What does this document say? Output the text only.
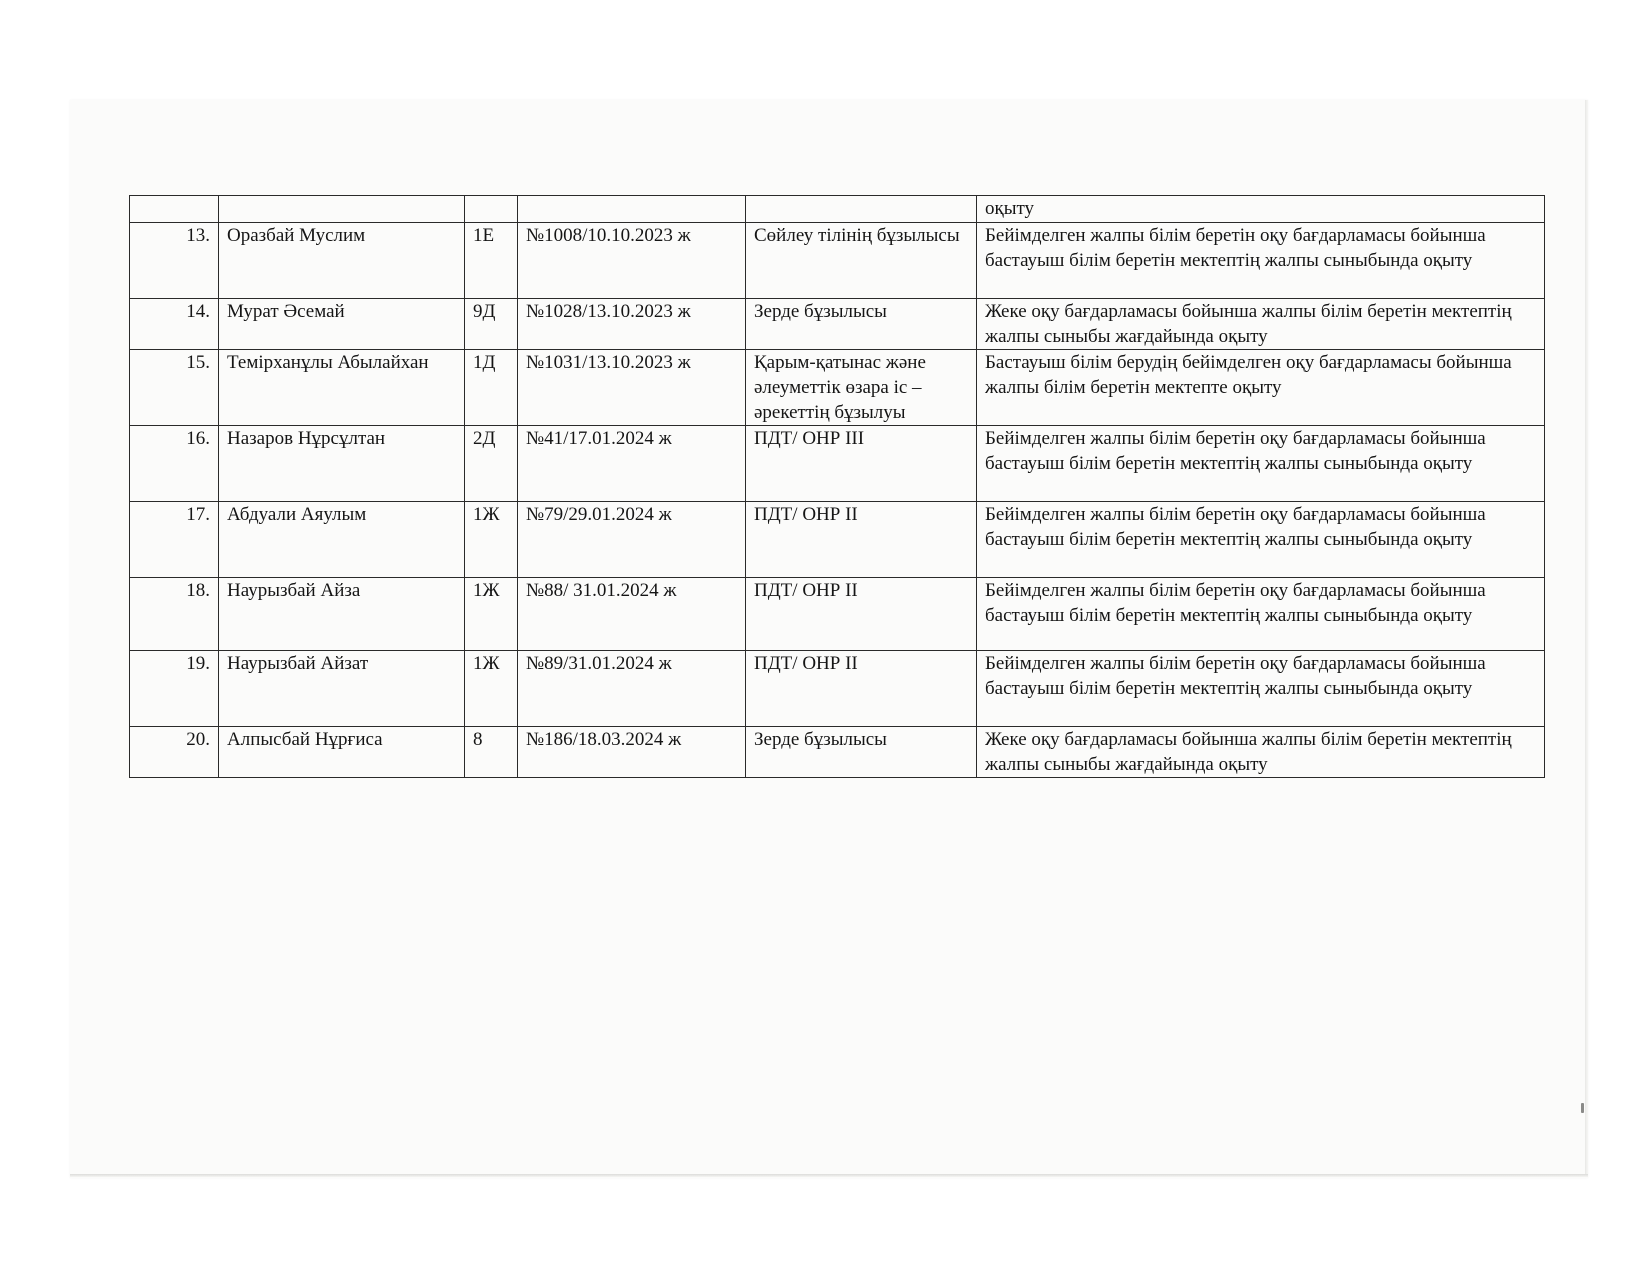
					оқыту
13.	Оразбай Муслим	1Е	№1008/10.10.2023 ж	Сөйлеу тілінің бұзылысы	Бейімделген жалпы білім беретін оқу бағдарламасы бойынша бастауыш білім беретін мектептің жалпы сыныбында оқыту
14.	Мурат Әсемай	9Д	№1028/13.10.2023 ж	Зерде бұзылысы	Жеке оқу бағдарламасы бойынша жалпы білім беретін мектептің жалпы сыныбы жағдайында оқыту
15.	Темірханұлы Абылайхан	1Д	№1031/13.10.2023 ж	Қарым-қатынас және әлеуметтік өзара іс – әрекеттің бұзылуы	Бастауыш білім берудің бейімделген оқу бағдарламасы бойынша жалпы білім беретін мектепте оқыту
16.	Назаров Нұрсұлтан	2Д	№41/17.01.2024 ж	ПДТ/ ОНР III	Бейімделген жалпы білім беретін оқу бағдарламасы бойынша бастауыш білім беретін мектептің жалпы сыныбында оқыту
17.	Абдуали Аяулым	1Ж	№79/29.01.2024 ж	ПДТ/ ОНР II	Бейімделген жалпы білім беретін оқу бағдарламасы бойынша бастауыш білім беретін мектептің жалпы сыныбында оқыту
18.	Наурызбай Айза	1Ж	№88/ 31.01.2024 ж	ПДТ/ ОНР II	Бейімделген жалпы білім беретін оқу бағдарламасы бойынша бастауыш білім беретін мектептің жалпы сыныбында оқыту
19.	Наурызбай Айзат	1Ж	№89/31.01.2024 ж	ПДТ/ ОНР II	Бейімделген жалпы білім беретін оқу бағдарламасы бойынша бастауыш білім беретін мектептің жалпы сыныбында оқыту
20.	Алпысбай Нұрғиса	8	№186/18.03.2024 ж	Зерде бұзылысы	Жеке оқу бағдарламасы бойынша жалпы білім беретін мектептің жалпы сыныбы жағдайында оқыту
